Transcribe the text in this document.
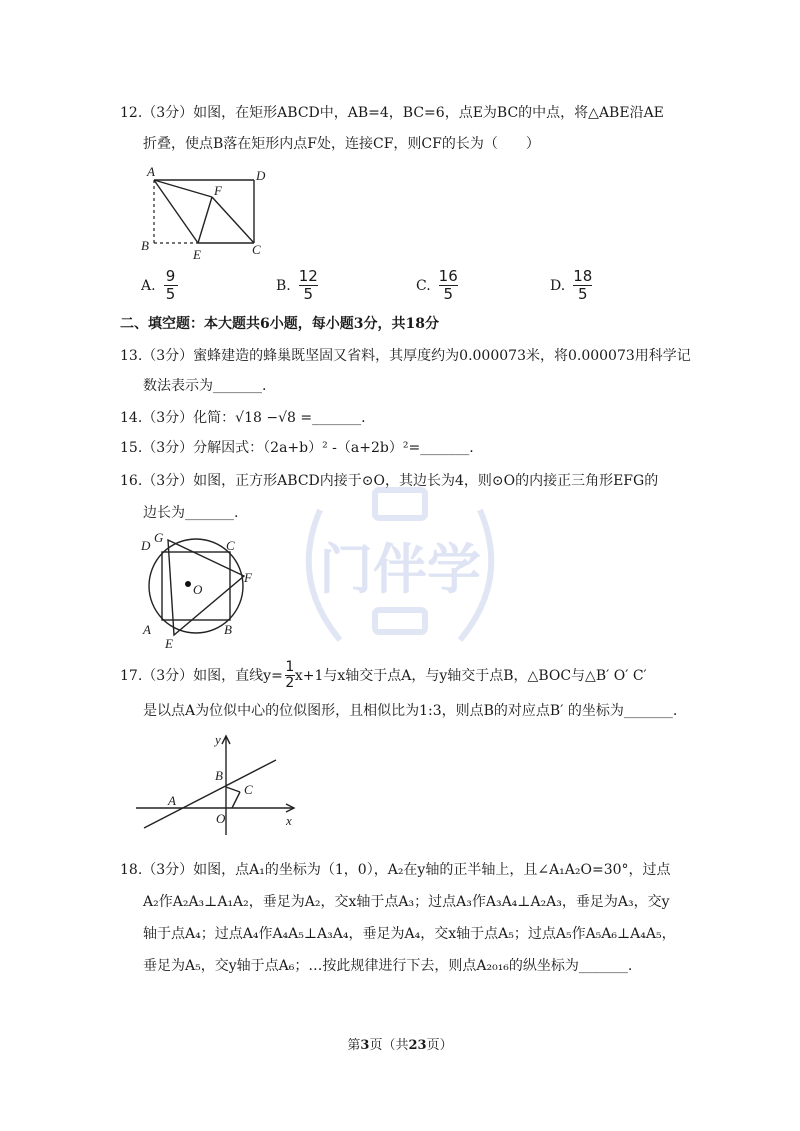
门伴学
12.（3分）如图，在矩形ABCD中，AB=4，BC=6，点E为BC的中点，将△ABE沿AE
折叠，使点B落在矩形内点F处，连接CF，则CF的长为（　　）
A	D
F
B
E	C
A. $\frac{9}{5}$	B. $\frac{12}{5}$	C. $\frac{16}{5}$	D. $\frac{18}{5}$
二、填空题：本大题共6小题，每小题3分，共18分
13.（3分）蜜蜂建造的蜂巢既坚固又省料，其厚度约为0.000073米，将0.000073用科学记
数法表示为_______.
14.（3分）化简：√18 −√8 =_______.
15.（3分）分解因式：（2a+b）² -（a+2b）²=_______.
16.（3分）如图，正方形ABCD内接于⊙O，其边长为4，则⊙O的内接正三角形EFG的
边长为_______.
D
G
C
F
O
A	B
E
17.（3分）如图，直线$y= \frac{1}{2} x+1$与x轴交于点A，与y轴交于点B，△BOC与△B′ O′ C′
是以点A为位似中心的位似图形，且相似比为1:3，则点B的对应点B′ 的坐标为_______.
y
B
C
A
O	x
18.（3分）如图，点A₁的坐标为（1，0），A₂在y轴的正半轴上，且∠A₁A₂O=30°，过点
A₂作A₂A₃⊥A₁A₂，垂足为A₂，交x轴于点A₃；过点A₃作A₃A₄⊥A₂A₃，垂足为A₃，交y
轴于点A₄；过点A₄作A₄A₅⊥A₃A₄，垂足为A₄，交x轴于点A₅；过点A₅作A₅A₆⊥A₄A₅，
垂足为A₅，交y轴于点A₆；…按此规律进行下去，则点A₂₀₁₆的纵坐标为_______.
第3页（共23页）
